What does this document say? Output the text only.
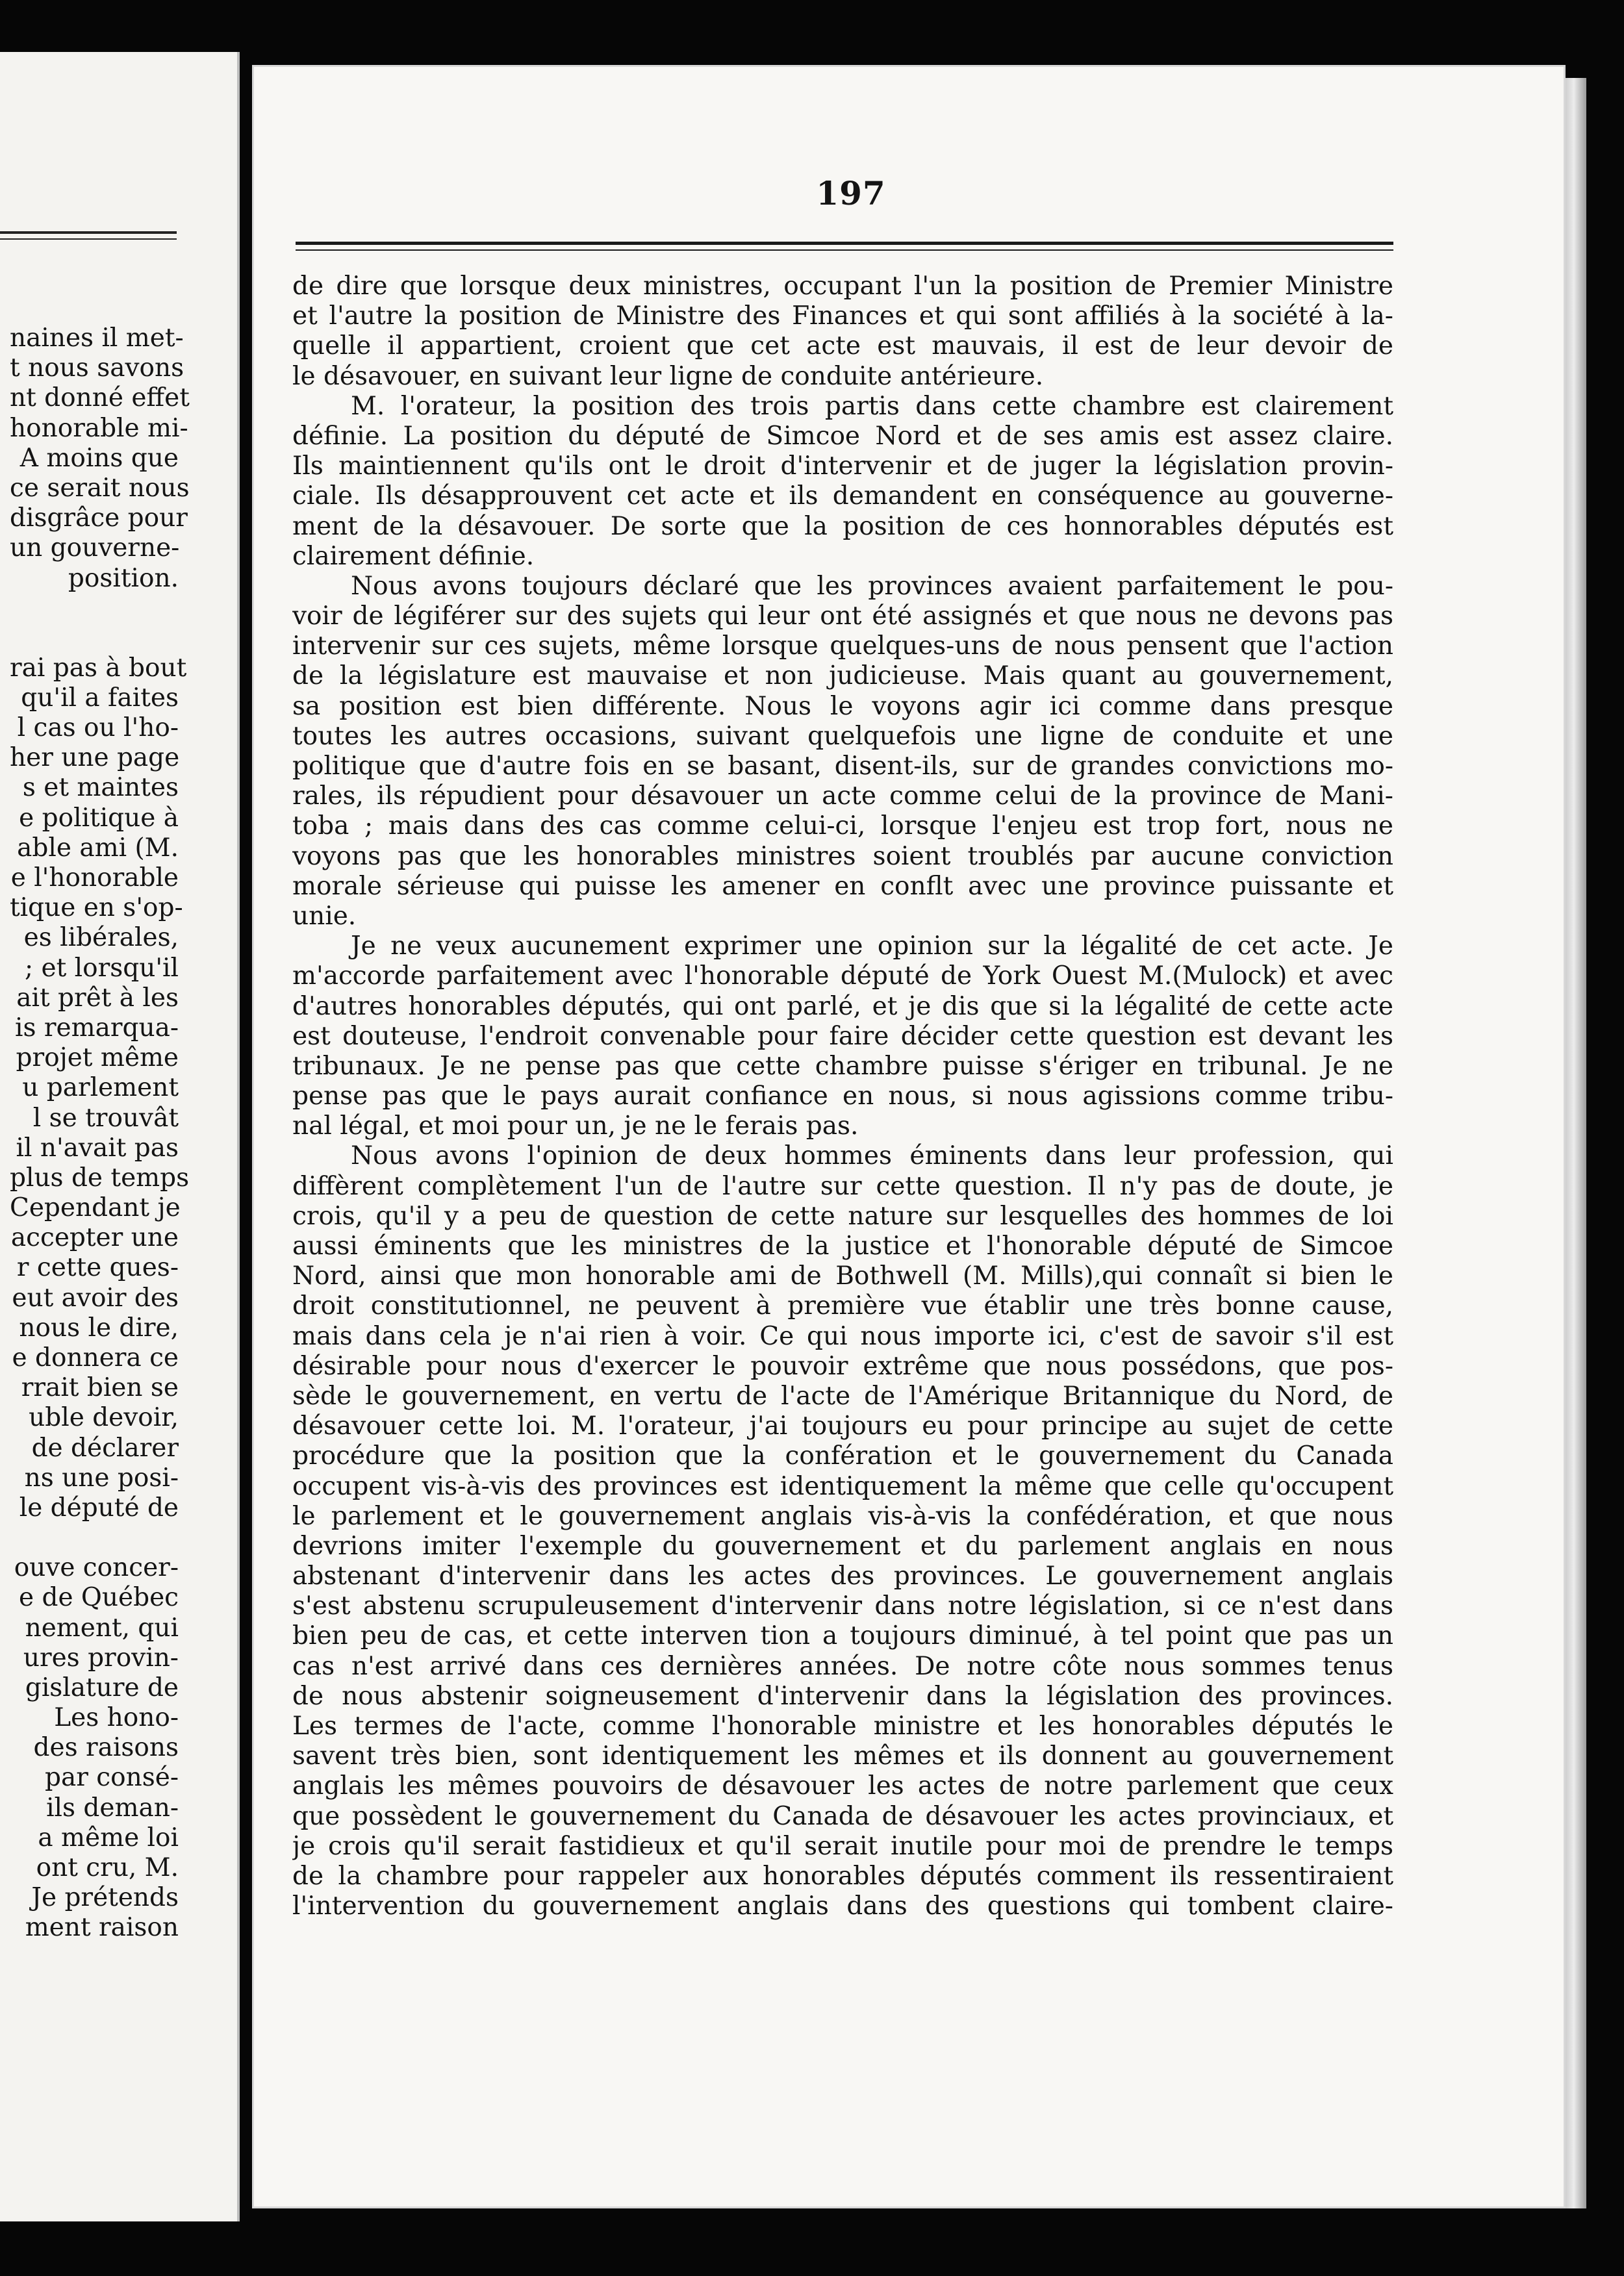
naines il met-
t nous savons
nt donné effet
honorable mi-
A moins que
ce serait nous
disgrâce pour
un gouverne-
position.
rai pas à bout
qu'il a faites
l cas ou l'ho-
her une page
s et maintes
e politique à
able ami (M.
e l'honorable
tique en s'op-
es libérales,
; et lorsqu'il
ait prêt à les
is remarqua-
projet même
u parlement
l se trouvât
il n'avait pas
plus de temps
Cependant je
accepter une
r cette ques-
eut avoir des
nous le dire,
e donnera ce
rrait bien se
uble devoir,
de déclarer
ns une posi-
le député de
ouve concer-
e de Québec
nement, qui
ures provin-
gislature de
Les hono-
des raisons
par consé-
ils deman-
a même loi
ont cru, M.
Je prétends
ment raison
197
de dire que lorsque deux ministres, occupant l'un la position de Premier Ministre
et l'autre la position de Ministre des Finances et qui sont affiliés à la société à la-
quelle il appartient, croient que cet acte est mauvais, il est de leur devoir de
le désavouer, en suivant leur ligne de conduite antérieure.
M. l'orateur, la position des trois partis dans cette chambre est clairement
définie. La position du député de Simcoe Nord et de ses amis est assez claire.
Ils maintiennent qu'ils ont le droit d'intervenir et de juger la législation provin-
ciale. Ils désapprouvent cet acte et ils demandent en conséquence au gouverne-
ment de la désavouer. De sorte que la position de ces honnorables députés est
clairement définie.
Nous avons toujours déclaré que les provinces avaient parfaitement le pou-
voir de légiférer sur des sujets qui leur ont été assignés et que nous ne devons pas
intervenir sur ces sujets, même lorsque quelques-uns de nous pensent que l'action
de la législature est mauvaise et non judicieuse. Mais quant au gouvernement,
sa position est bien différente. Nous le voyons agir ici comme dans presque
toutes les autres occasions, suivant quelquefois une ligne de conduite et une
politique que d'autre fois en se basant, disent-ils, sur de grandes convictions mo-
rales, ils répudient pour désavouer un acte comme celui de la province de Mani-
toba ; mais dans des cas comme celui-ci, lorsque l'enjeu est trop fort, nous ne
voyons pas que les honorables ministres soient troublés par aucune conviction
morale sérieuse qui puisse les amener en conflt avec une province puissante et
unie.
Je ne veux aucunement exprimer une opinion sur la légalité de cet acte. Je
m'accorde parfaitement avec l'honorable député de York Ouest M.(Mulock) et avec
d'autres honorables députés, qui ont parlé, et je dis que si la légalité de cette acte
est douteuse, l'endroit convenable pour faire décider cette question est devant les
tribunaux. Je ne pense pas que cette chambre puisse s'ériger en tribunal. Je ne
pense pas que le pays aurait confiance en nous, si nous agissions comme tribu-
nal légal, et moi pour un, je ne le ferais pas.
Nous avons l'opinion de deux hommes éminents dans leur profession, qui
diffèrent complètement l'un de l'autre sur cette question. Il n'y pas de doute, je
crois, qu'il y a peu de question de cette nature sur lesquelles des hommes de loi
aussi éminents que les ministres de la justice et l'honorable député de Simcoe
Nord, ainsi que mon honorable ami de Bothwell (M. Mills),qui connaît si bien le
droit constitutionnel, ne peuvent à première vue établir une très bonne cause,
mais dans cela je n'ai rien à voir. Ce qui nous importe ici, c'est de savoir s'il est
désirable pour nous d'exercer le pouvoir extrême que nous possédons, que pos-
sède le gouvernement, en vertu de l'acte de l'Amérique Britannique du Nord, de
désavouer cette loi. M. l'orateur, j'ai toujours eu pour principe au sujet de cette
procédure que la position que la confération et le gouvernement du Canada
occupent vis-à-vis des provinces est identiquement la même que celle qu'occupent
le parlement et le gouvernement anglais vis-à-vis la confédération, et que nous
devrions imiter l'exemple du gouvernement et du parlement anglais en nous
abstenant d'intervenir dans les actes des provinces. Le gouvernement anglais
s'est abstenu scrupuleusement d'intervenir dans notre législation, si ce n'est dans
bien peu de cas, et cette interven tion a toujours diminué, à tel point que pas un
cas n'est arrivé dans ces dernières années. De notre côte nous sommes tenus
de nous abstenir soigneusement d'intervenir dans la législation des provinces.
Les termes de l'acte, comme l'honorable ministre et les honorables députés le
savent très bien, sont identiquement les mêmes et ils donnent au gouvernement
anglais les mêmes pouvoirs de désavouer les actes de notre parlement que ceux
que possèdent le gouvernement du Canada de désavouer les actes provinciaux, et
je crois qu'il serait fastidieux et qu'il serait inutile pour moi de prendre le temps
de la chambre pour rappeler aux honorables députés comment ils ressentiraient
l'intervention du gouvernement anglais dans des questions qui tombent claire-
